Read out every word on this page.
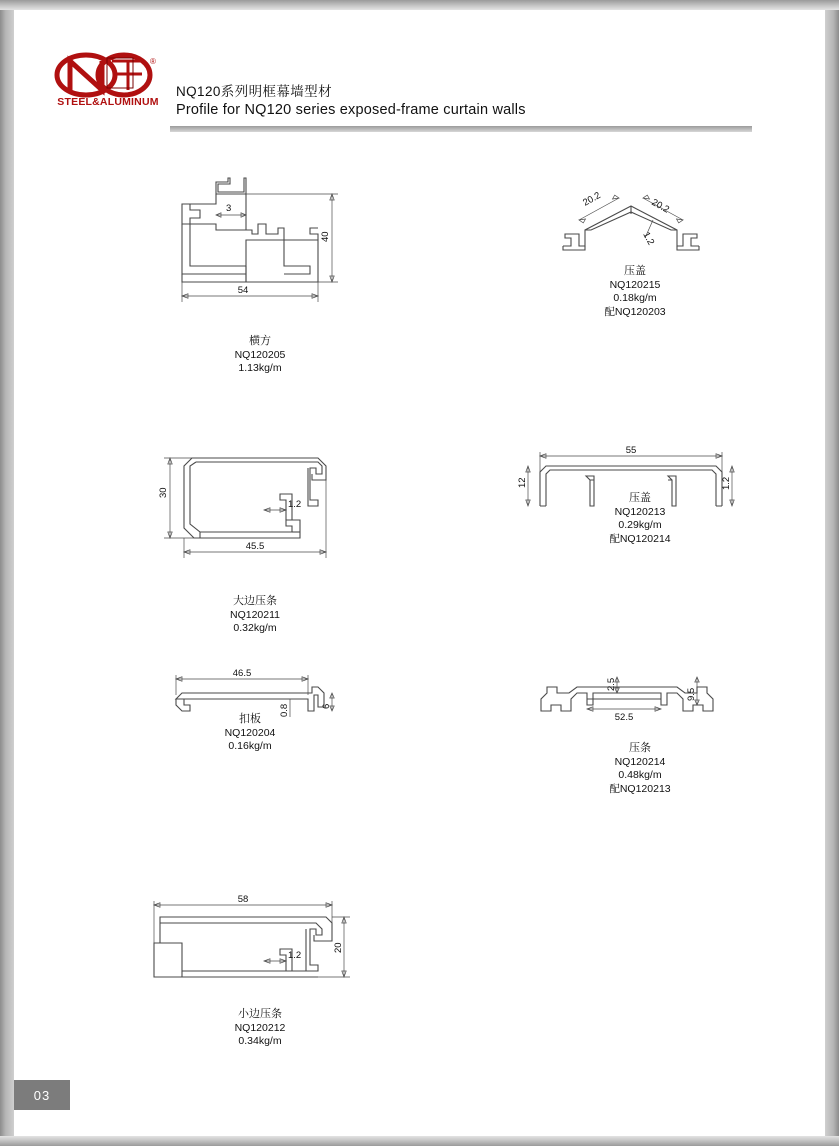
®
STEEL&ALUMINUM
NQ120系列明框幕墙型材
Profile for NQ120 series exposed-frame curtain walls
3
40
54
横方
NQ120205
1.13kg/m
20.2	20.2
1.2
压盖
NQ120215
0.18kg/m
配NQ120203
30
1.2
45.5
大边压条
NQ120211
0.32kg/m
55
12	1.2
压盖
NQ120213
0.29kg/m
配NQ120214
46.5
0.8	6
扣板
NQ120204
0.16kg/m
2.5
9.5
52.5
压条
NQ120214
0.48kg/m
配NQ120213
58
1.2
20
小边压条
NQ120212
0.34kg/m
03
